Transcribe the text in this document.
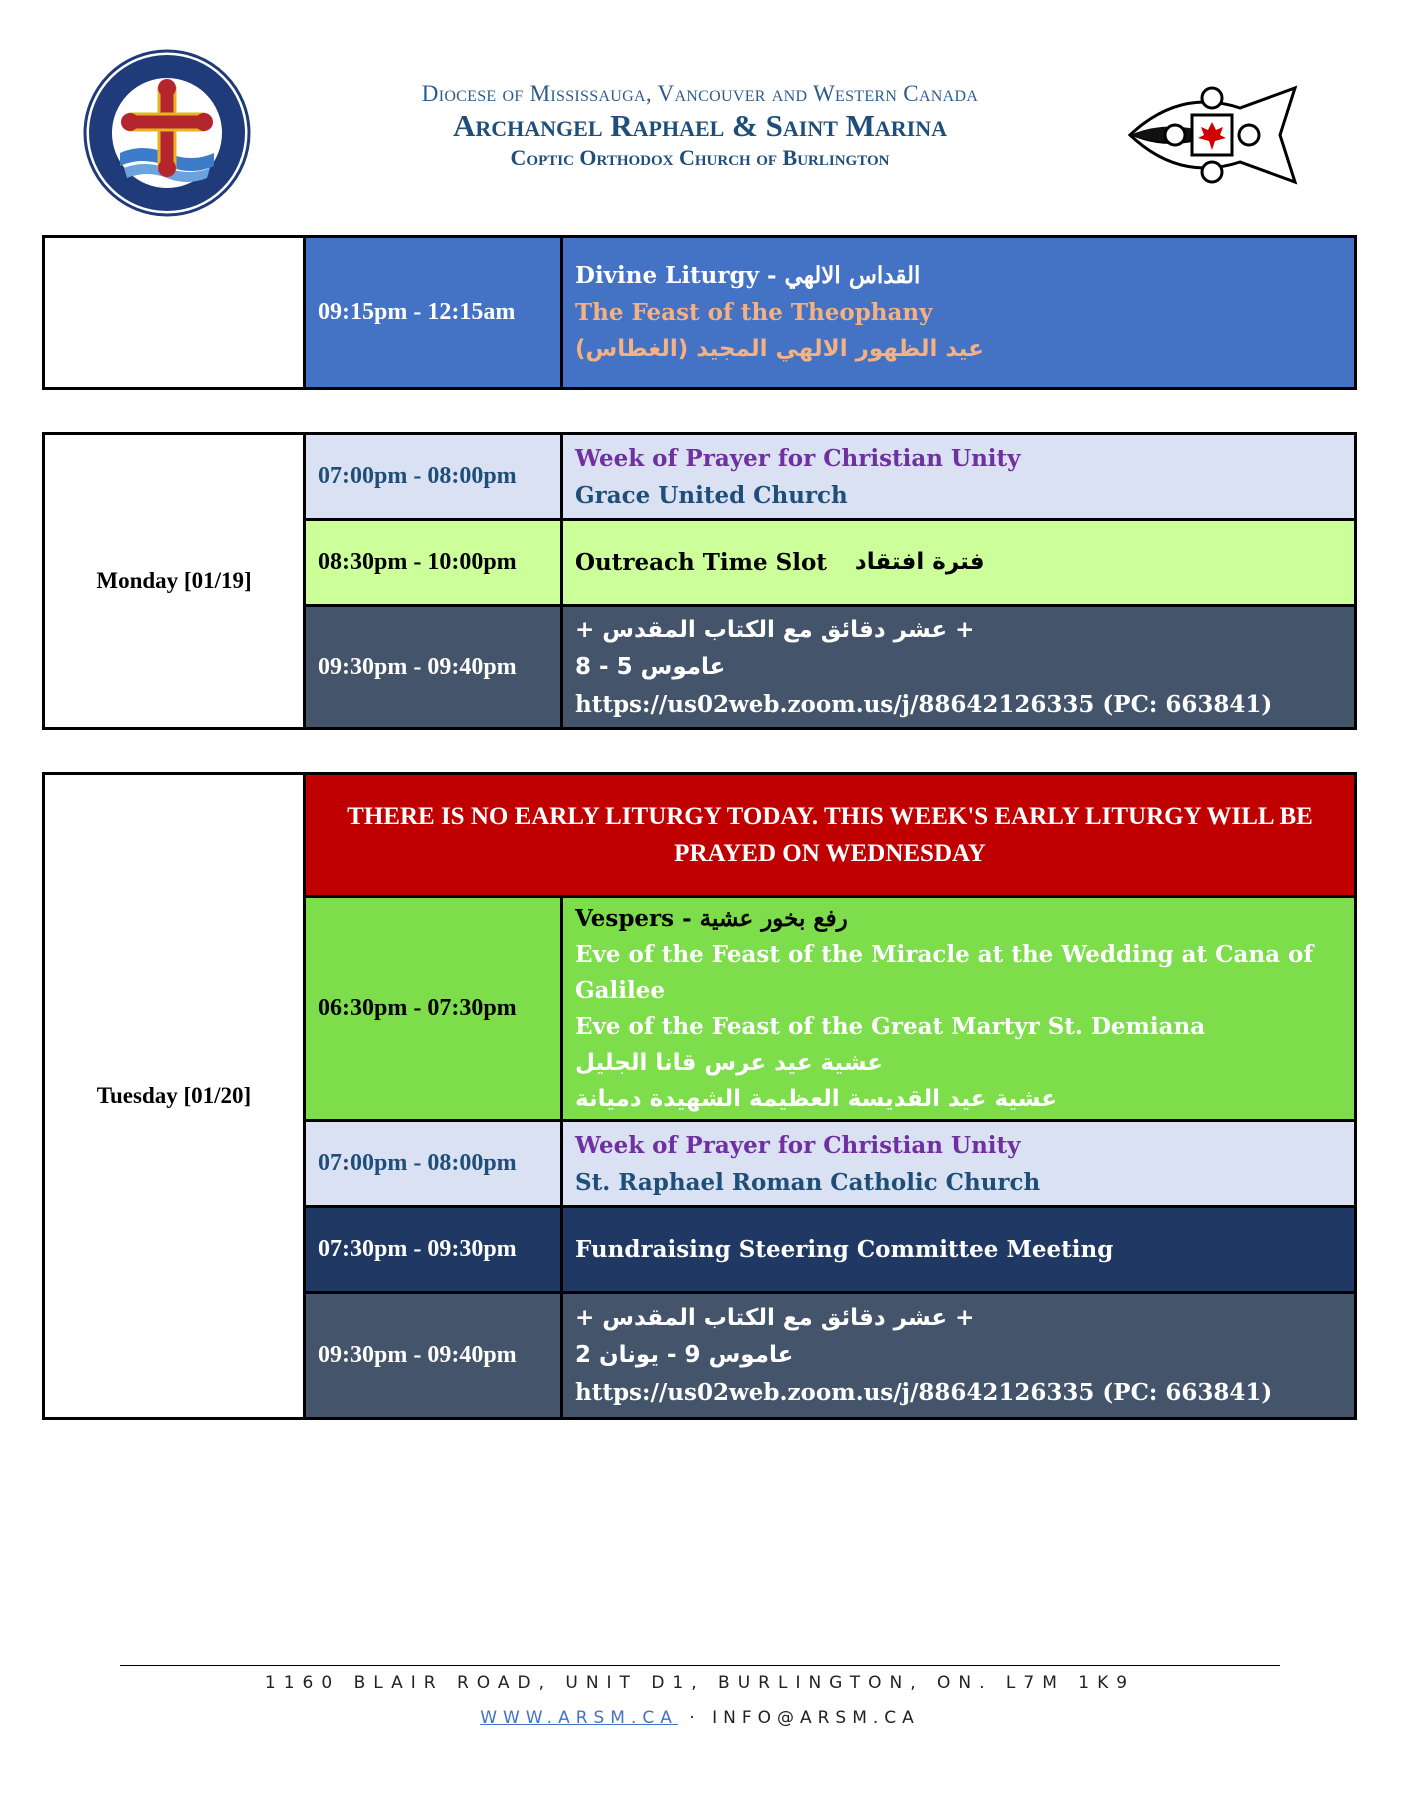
Diocese of Mississauga, Vancouver and Western Canada
Archangel Raphael & Saint Marina
Coptic Orthodox Church of Burlington
09:15pm - 12:15am
Divine Liturgy - القداس الالهي
The Feast of the Theophany
عيد الظهور الالهي المجيد (الغطاس)
Monday [01/19]
07:00pm - 08:00pm
Week of Prayer for Christian Unity
Grace United Church
08:30pm - 10:00pm	Outreach Time Slot فترة افتقاد
09:30pm - 09:40pm
+ عشر دقائق مع الكتاب المقدس +
عاموس 5 - 8
https://us02web.zoom.us/j/88642126335 (PC: 663841)
Tuesday [01/20]
THERE IS NO EARLY LITURGY TODAY. THIS WEEK'S EARLY LITURGY WILL BE PRAYED ON WEDNESDAY
06:30pm - 07:30pm
Vespers - رفع بخور عشية
Eve of the Feast of the Miracle at the Wedding at Cana of Galilee
Eve of the Feast of the Great Martyr St. Demiana
عشية عيد عرس قانا الجليل
عشية عيد القديسة العظيمة الشهيدة دميانة
07:00pm - 08:00pm
Week of Prayer for Christian Unity
St. Raphael Roman Catholic Church
07:30pm - 09:30pm	Fundraising Steering Committee Meeting
09:30pm - 09:40pm
+ عشر دقائق مع الكتاب المقدس +
عاموس 9 - يونان 2
https://us02web.zoom.us/j/88642126335 (PC: 663841)
1160 BLAIR ROAD, UNIT D1, BURLINGTON, ON. L7M 1K9
WWW.ARSM.CA · INFO@ARSM.CA
